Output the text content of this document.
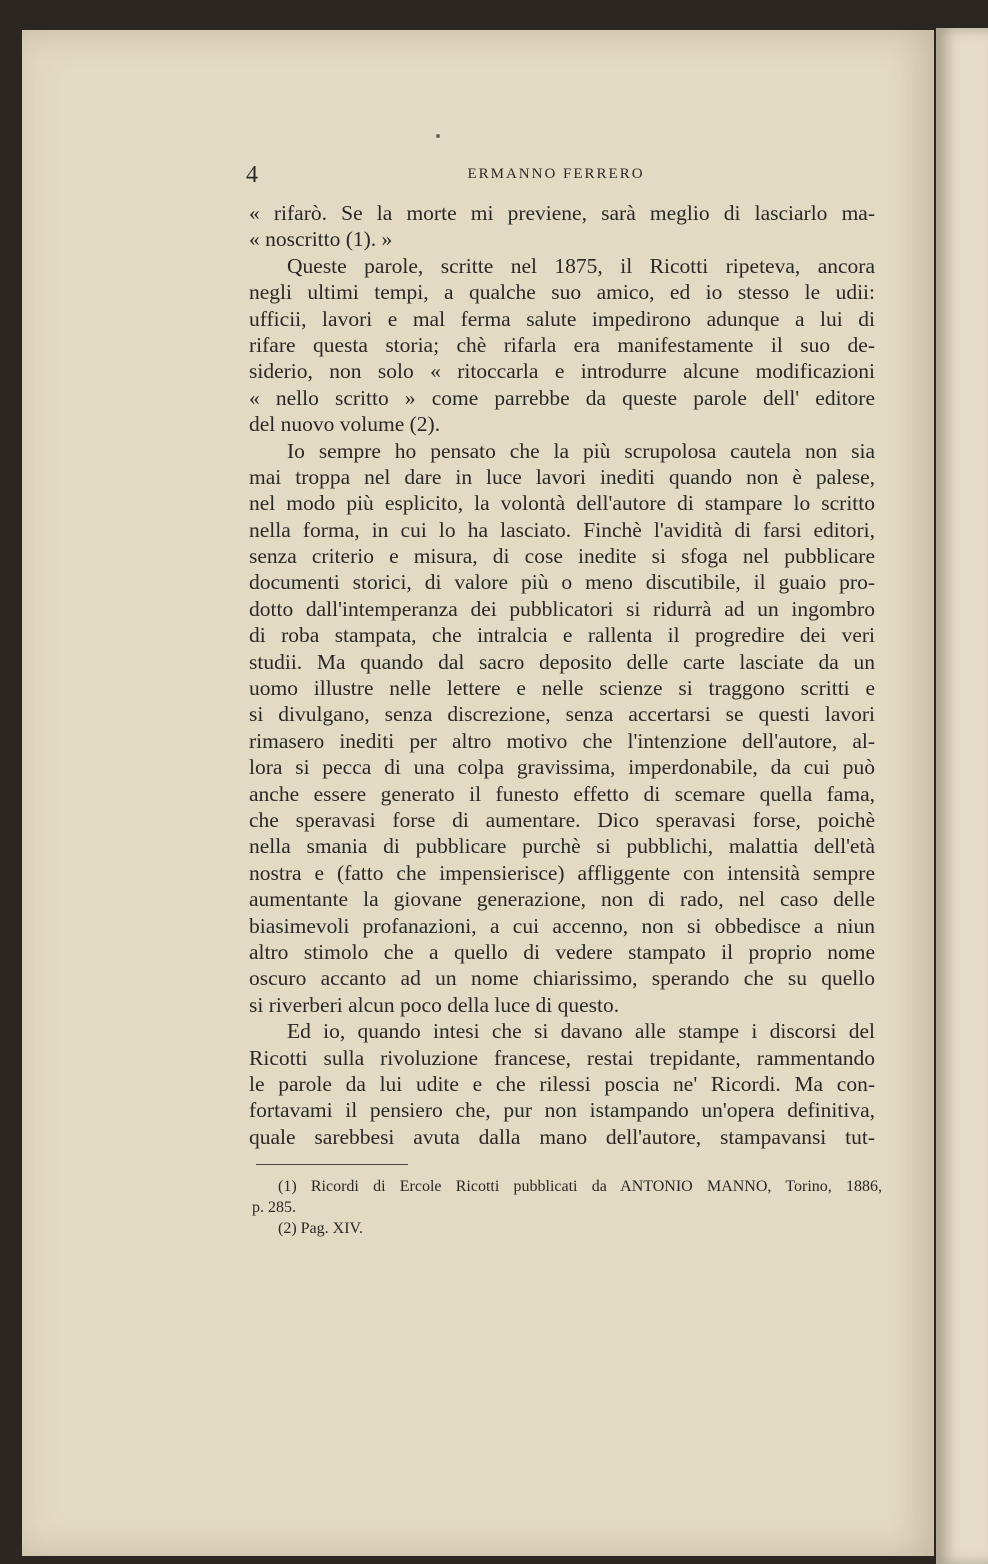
4	ERMANNO FERRERO
« rifarò. Se la morte mi previene, sarà meglio di lasciarlo ma-
« noscritto (1). »
Queste parole, scritte nel 1875, il Ricotti ripeteva, ancora
negli ultimi tempi, a qualche suo amico, ed io stesso le udii:
ufficii, lavori e mal ferma salute impedirono adunque a lui di
rifare questa storia; chè rifarla era manifestamente il suo de-
siderio, non solo « ritoccarla e introdurre alcune modificazioni
« nello scritto » come parrebbe da queste parole dell' editore
del nuovo volume (2).
Io sempre ho pensato che la più scrupolosa cautela non sia
mai troppa nel dare in luce lavori inediti quando non è palese,
nel modo più esplicito, la volontà dell'autore di stampare lo scritto
nella forma, in cui lo ha lasciato. Finchè l'avidità di farsi editori,
senza criterio e misura, di cose inedite si sfoga nel pubblicare
documenti storici, di valore più o meno discutibile, il guaio pro-
dotto dall'intemperanza dei pubblicatori si ridurrà ad un ingombro
di roba stampata, che intralcia e rallenta il progredire dei veri
studii. Ma quando dal sacro deposito delle carte lasciate da un
uomo illustre nelle lettere e nelle scienze si traggono scritti e
si divulgano, senza discrezione, senza accertarsi se questi lavori
rimasero inediti per altro motivo che l'intenzione dell'autore, al-
lora si pecca di una colpa gravissima, imperdonabile, da cui può
anche essere generato il funesto effetto di scemare quella fama,
che speravasi forse di aumentare. Dico speravasi forse, poichè
nella smania di pubblicare purchè si pubblichi, malattia dell'età
nostra e (fatto che impensierisce) affliggente con intensità sempre
aumentante la giovane generazione, non di rado, nel caso delle
biasimevoli profanazioni, a cui accenno, non si obbedisce a niun
altro stimolo che a quello di vedere stampato il proprio nome
oscuro accanto ad un nome chiarissimo, sperando che su quello
si riverberi alcun poco della luce di questo.
Ed io, quando intesi che si davano alle stampe i discorsi del
Ricotti sulla rivoluzione francese, restai trepidante, rammentando
le parole da lui udite e che rilessi poscia ne' Ricordi. Ma con-
fortavami il pensiero che, pur non istampando un'opera definitiva,
quale sarebbesi avuta dalla mano dell'autore, stampavansi tut-
(1) Ricordi di Ercole Ricotti pubblicati da ANTONIO MANNO, Torino, 1886,
p. 285.
(2) Pag. XIV.
